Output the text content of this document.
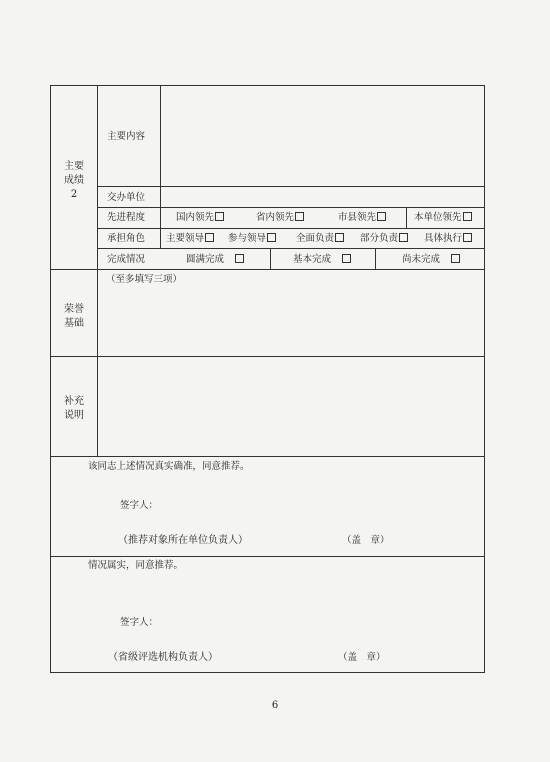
主要
成绩
2
主要内容
交办单位
先进程度	国内领先	省内领先	市县领先	本单位领先
承担角色 主要领导	参与领导	全面负责	部分负责	具体执行
完成情况	圆满完成　	基本完成　	尚未完成　
荣誉
基础
（至多填写三项）
补充
说明
该同志上述情况真实确准，同意推荐。
签字人：
（推荐对象所在单位负责人）	（盖　章）
情况属实，同意推荐。
签字人：
（省级评选机构负责人）	（盖　章）
6
